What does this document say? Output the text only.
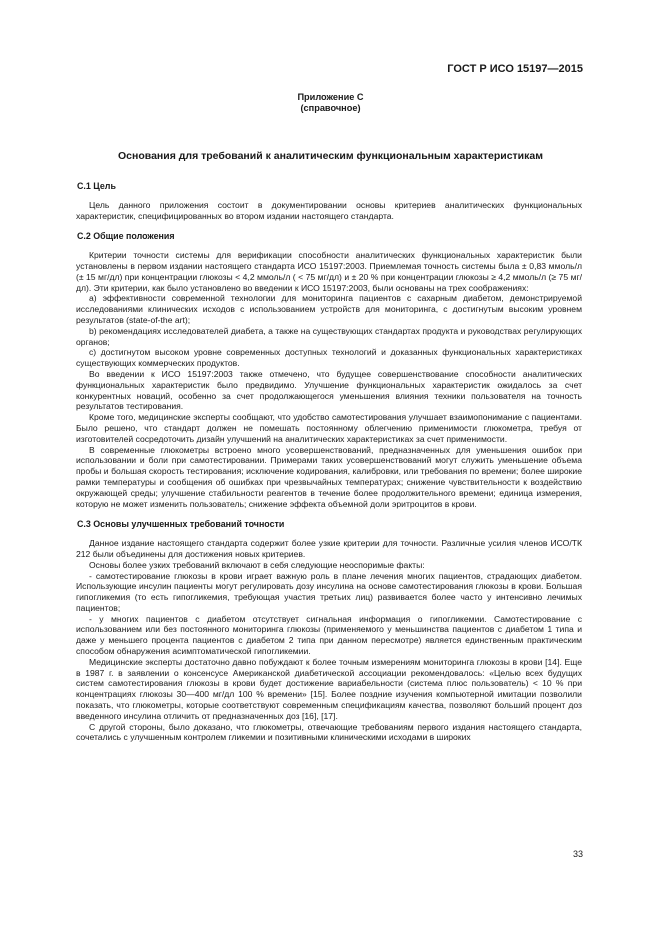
ГОСТ Р ИСО 15197—2015
Приложение С
(справочное)
Основания для требований к аналитическим функциональным характеристикам
С.1 Цель

Цель данного приложения состоит в документировании основы критериев аналитических функциональных характеристик, специфицированных во втором издании настоящего стандарта.

С.2 Общие положения

Критерии точности системы для верификации способности аналитических функциональных характеристик были установлены в первом издании настоящего стандарта ИСО 15197:2003. Приемлемая точность системы была ± 0,83 ммоль/л (± 15 мг/дл) при концентрации глюкозы < 4,2 ммоль/л ( < 75 мг/дл) и ± 20 % при концентрации глюкозы ≥ 4,2 ммоль/л (≥ 75 мг/дл). Эти критерии, как было установлено во введении к ИСО 15197:2003, были основаны на трех соображениях:

a) эффективности современной технологии для мониторинга пациентов с сахарным диабетом, демонстрируемой исследованиями клинических исходов с использованием устройств для мониторинга, с достигнутым высоким уровнем результатов (state-of-the art);

b) рекомендациях исследователей диабета, а также на существующих стандартах продукта и руководствах регулирующих органов;

c) достигнутом высоком уровне современных доступных технологий и доказанных функциональных характеристиках существующих коммерческих продуктов.

Во введении к ИСО 15197:2003 также отмечено, что будущее совершенствование способности аналитических функциональных характеристик было предвидимо. Улучшение функциональных характеристик ожидалось за счет конкурентных новаций, особенно за счет продолжающегося уменьшения влияния техники пользователя на точность результатов тестирования.

Кроме того, медицинские эксперты сообщают, что удобство самотестирования улучшает взаимопонимание с пациентами. Было решено, что стандарт должен не помешать постоянному облегчению применимости глюкометра, требуя от изготовителей сосредоточить дизайн улучшений на аналитических характеристиках за счет применимости.

В современные глюкометры встроено много усовершенствований, предназначенных для уменьшения ошибок при использовании и боли при самотестировании. Примерами таких усовершенствований могут служить уменьшение объема пробы и большая скорость тестирования; исключение кодирования, калибровки, или требования по времени; более широкие рамки температуры и сообщения об ошибках при чрезвычайных температурах; снижение чувствительности к воздействию окружающей среды; улучшение стабильности реагентов в течение более продолжительного времени; единица измерения, которую не может изменить пользователь; снижение эффекта объемной доли эритроцитов в крови.

С.3 Основы улучшенных требований точности

Данное издание настоящего стандарта содержит более узкие критерии для точности. Различные усилия членов ИСО/ТК 212 были объединены для достижения новых критериев.

Основы более узких требований включают в себя следующие неоспоримые факты:

- самотестирование глюкозы в крови играет важную роль в плане лечения многих пациентов, страдающих диабетом. Использующие инсулин пациенты могут регулировать дозу инсулина на основе самотестирования глюкозы в крови. Большая гипогликемия (то есть гипогликемия, требующая участия третьих лиц) развивается более часто у интенсивно лечимых пациентов;

- у многих пациентов с диабетом отсутствует сигнальная информация о гипогликемии. Самотестирование с использованием или без постоянного мониторинга глюкозы (применяемого у меньшинства пациентов с диабетом 1 типа и даже у меньшего процента пациентов с диабетом 2 типа при данном пересмотре) является единственным практическим способом обнаружения асимптоматической гипогликемии.

Медицинские эксперты достаточно давно побуждают к более точным измерениям мониторинга глюкозы в крови [14]. Еще в 1987 г. в заявлении о консенсусе Американской диабетической ассоциации рекомендовалось: «Целью всех будущих систем самотестирования глюкозы в крови будет достижение вариабельности (система плюс пользователь) < 10 % при концентрациях глюкозы 30—400 мг/дл 100 % времени» [15]. Более поздние изучения компьютерной имитации позволили показать, что глюкометры, которые соответствуют современным спецификациям качества, позволяют больший процент доз введенного инсулина отличить от предназначенных доз [16], [17].

С другой стороны, было доказано, что глюкометры, отвечающие требованиям первого издания настоящего стандарта, сочетались с улучшенным контролем гликемии и позитивными клиническими исходами в широких

33
